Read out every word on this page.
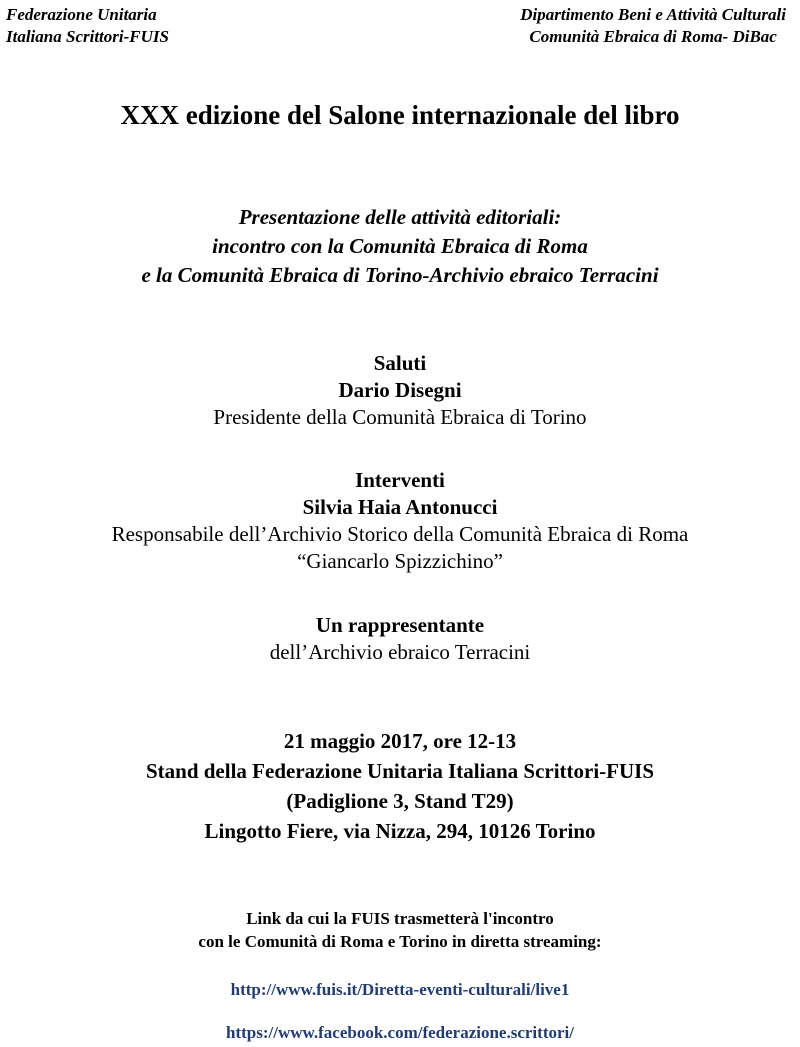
Federazione Unitaria
Italiana Scrittori-FUIS
Dipartimento Beni e Attività Culturali
Comunità Ebraica di Roma- DiBac
XXX edizione del Salone internazionale del libro
Presentazione delle attività editoriali:
incontro con la Comunità Ebraica di Roma
e la Comunità Ebraica di Torino-Archivio ebraico Terracini
Saluti
Dario Disegni
Presidente della Comunità Ebraica di Torino
Interventi
Silvia Haia Antonucci
Responsabile dell’Archivio Storico della Comunità Ebraica di Roma
“Giancarlo Spizzichino”
Un rappresentante
dell’Archivio ebraico Terracini
21 maggio 2017, ore 12-13
Stand della Federazione Unitaria Italiana Scrittori-FUIS
(Padiglione 3, Stand T29)
Lingotto Fiere, via Nizza, 294, 10126 Torino
Link da cui la FUIS trasmetterà l'incontro
con le Comunità di Roma e Torino in diretta streaming:
http://www.fuis.it/Diretta-eventi-culturali/live1
https://www.facebook.com/federazione.scrittori/
